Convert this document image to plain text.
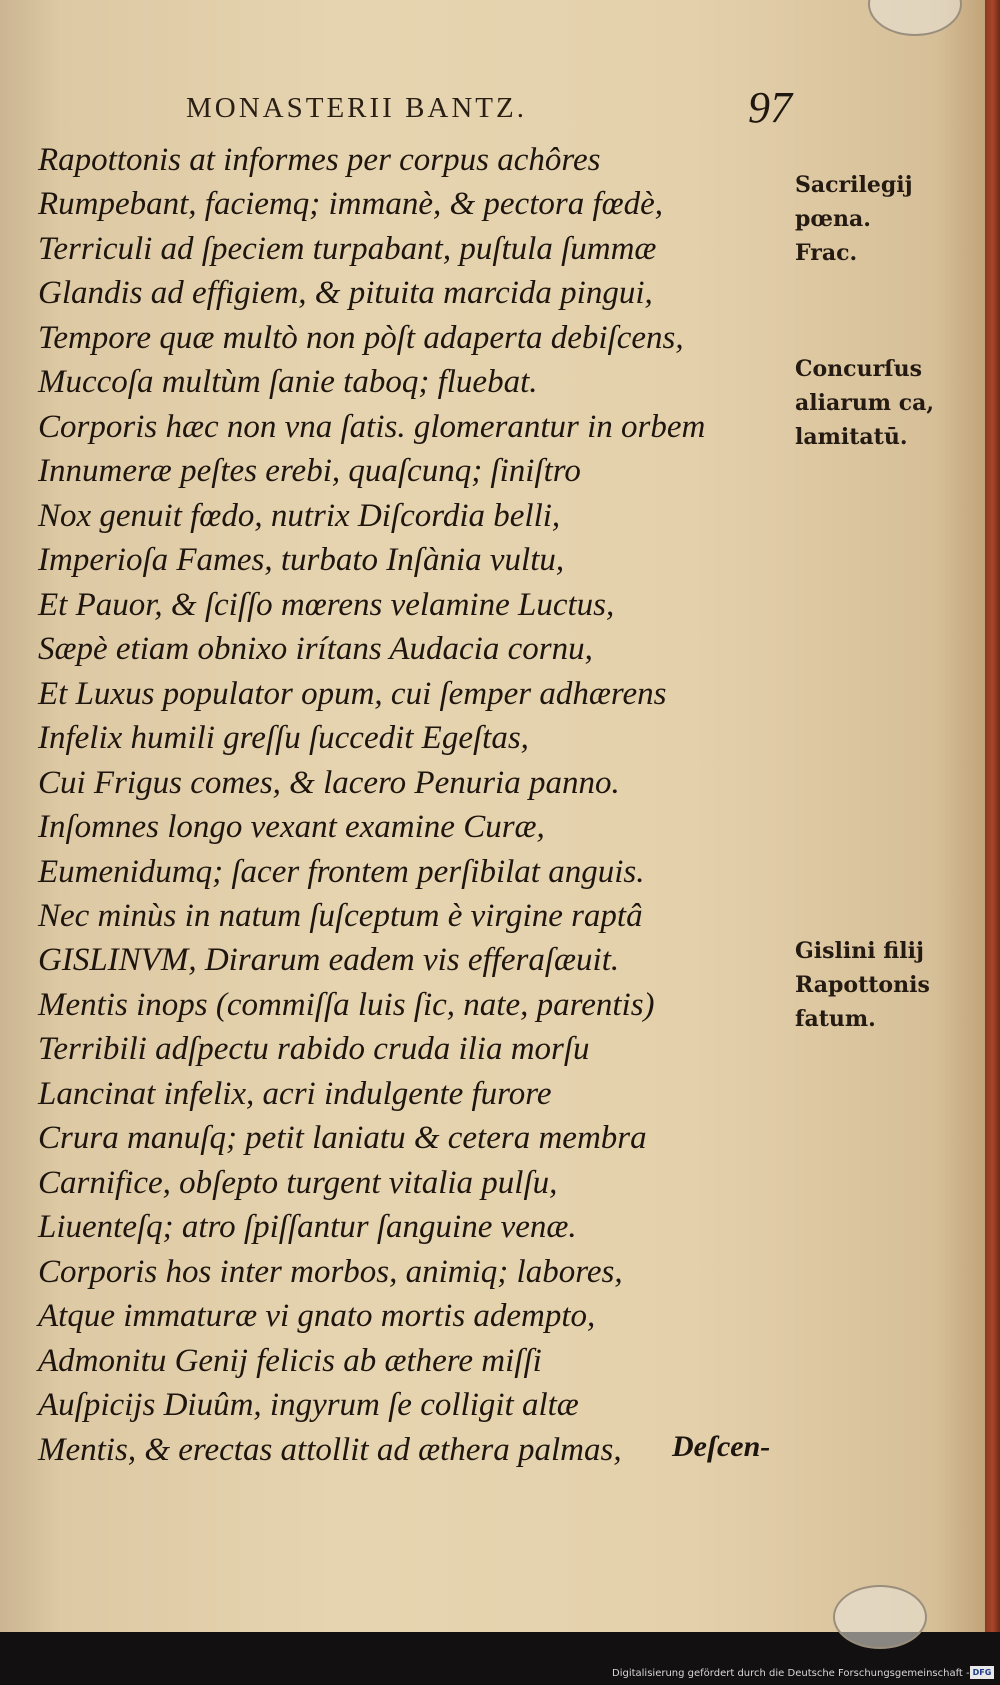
MONASTERII BANTZ.	97
Rapottonis at informes per corpus achôres
Rumpebant, faciemq; immanè, & pectora fœdè,
Terriculi ad ſpeciem turpabant, puſtula ſummæ
Glandis ad effigiem, & pituita marcida pingui,
Tempore quæ multò non pòſt adaperta debiſcens,
Muccoſa multùm ſanie taboq; fluebat.
Corporis hæc non vna ſatis. glomerantur in orbem
Innumeræ peſtes erebi, quaſcunq; ſiniſtro
Nox genuit fœdo, nutrix Diſcordia belli,
Imperioſa Fames, turbato Inſània vultu,
Et Pauor, & ſciſſo mœrens velamine Luctus,
Sæpè etiam obnixo irítans Audacia cornu,
Et Luxus populator opum, cui ſemper adhærens
Infelix humili greſſu ſuccedit Egeſtas,
Cui Frigus comes, & lacero Penuria panno.
Inſomnes longo vexant examine Curæ,
Eumenidumq; ſacer frontem perſibilat anguis.
Nec minùs in natum ſuſceptum è virgine raptâ
GISLINVM, Dirarum eadem vis efferaſæuit.
Mentis inops (commiſſa luis ſic, nate, parentis)
Terribili adſpectu rabido cruda ilia morſu
Lancinat infelix, acri indulgente furore
Crura manuſq; petit laniatu & cetera membra
Carnifice, obſepto turgent vitalia pulſu,
Liuenteſq; atro ſpiſſantur ſanguine venæ.
Corporis hos inter morbos, animiq; labores,
Atque immaturæ vi gnato mortis adempto,
Admonitu Genij felicis ab æthere miſſi
Auſpicijs Diuûm, ingyrum ſe colligit altæ
Mentis, & erectas attollit ad æthera palmas,
Sacrilegij
pœna.
Frac.
Concurſus
aliarum ca,
lamitatū.
Gislini filij
Rapottonis
fatum.
Deſcen-
Digitalisierung gefördert durch die Deutsche Forschungsgemeinschaft - DFG
